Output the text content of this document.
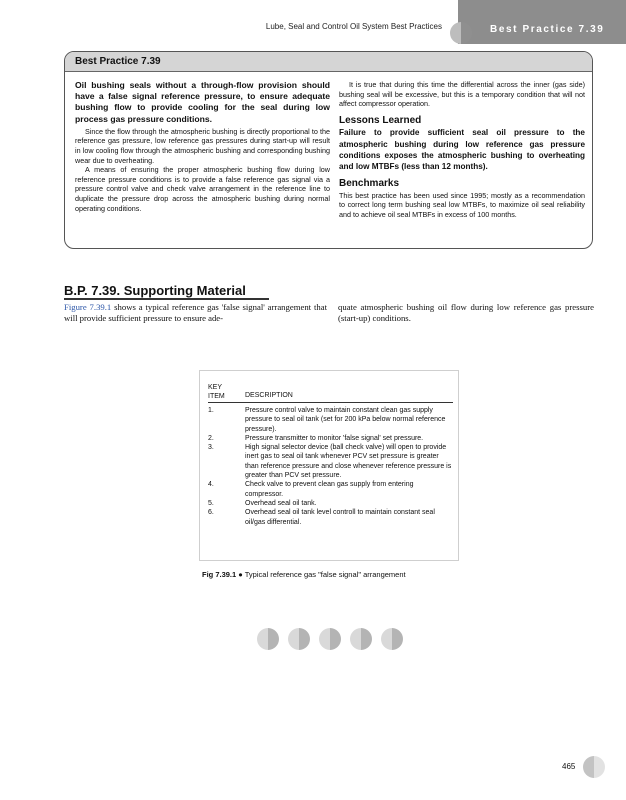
Lube, Seal and Control Oil System Best Practices	Best Practice 7.39
Best Practice 7.39

Oil bushing seals without a through-flow provision should have a false signal reference pressure, to ensure adequate bushing flow to provide cooling for the seal during low process gas pressure conditions.

Since the flow through the atmospheric bushing is directly proportional to the reference gas pressure, low reference gas pressures during start-up will result in low cooling flow through the atmospheric bushing and corresponding bushing wear due to overheating.

A means of ensuring the proper atmospheric bushing flow during low reference pressure conditions is to provide a false reference gas signal via a pressure control valve and check valve arrangement in the reference line to duplicate the pressure drop across the atmospheric bushing during normal operating conditions.

It is true that during this time the differential across the inner (gas side) bushing seal will be excessive, but this is a temporary condition that will not affect compressor operation.

Lessons Learned

Failure to provide sufficient seal oil pressure to the atmospheric bushing during low reference gas pressure conditions exposes the atmospheric bushing to overheating and low MTBFs (less than 12 months).

Benchmarks

This best practice has been used since 1995; mostly as a recommendation to correct long term bushing seal low MTBFs, to maximize oil seal reliability and to achieve oil seal MTBFs in excess of 100 months.

B.P. 7.39. Supporting Material
Figure 7.39.1 shows a typical reference gas 'false signal' arrangement that will provide sufficient pressure to ensure ade-
quate atmospheric bushing oil flow during low reference gas pressure (start-up) conditions.
KEY
ITEM	DESCRIPTION
1.	Pressure control valve to maintain constant clean gas supply pressure to seal oil tank (set for 200 kPa below normal reference pressure).
2.	Pressure transmitter to monitor 'false signal' set pressure.
3.	High signal selector device (ball check valve) will open to provide inert gas to seal oil tank whenever PCV set pressure is greater than reference pressure and close whenever reference pressure is greater than PCV set pressure.
4.	Check valve to prevent clean gas supply from entering compressor.
5.	Overhead seal oil tank.
6.	Overhead seal oil tank level controll to maintain constant seal oil/gas differential.
Fig 7.39.1 ● Typical reference gas "false signal" arrangement
465
